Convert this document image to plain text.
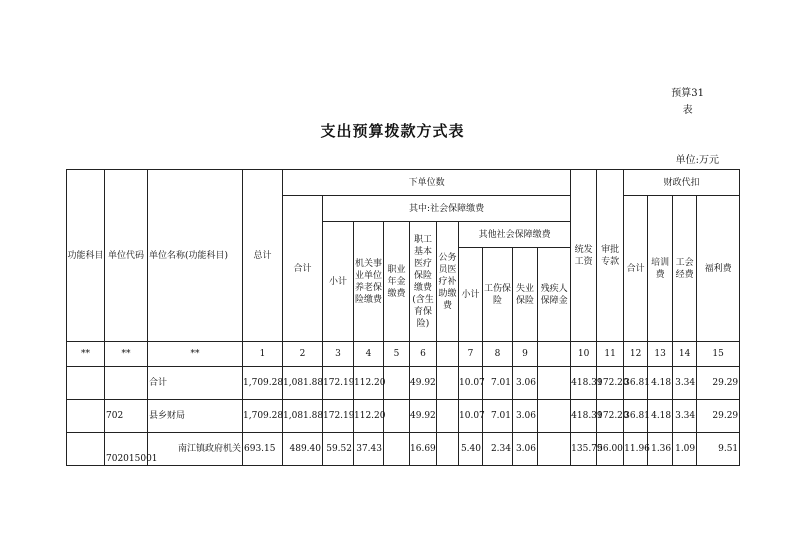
预算31
表
支出预算拨款方式表
单位:万元
功能科目	单位代码	单位名称(功能科目)	总计	下单位数										统发工资	审批专款	财政代扣			
				合计	其中:社会保障缴费											合计	培训费	工会经费	福利费
					小计	机关事业单位养老保险缴费	职业年金缴费	职工基本医疗保险缴费(含生育保险)	公务员医疗补助缴费	其他社会保障缴费									
										小计	工伤保险	失业保险	残疾人保障金						
**	**	**	1	2	3	4	5	6		7	8	9		10	11	12	13	14	15
		合计	1,709.28	1,081.88	172.19	112.20		49.92		10.07	7.01	3.06		418.39	172.20	36.81	4.18	3.34	29.29
	702	县乡财局	1,709.28	1,081.88	172.19	112.20		49.92		10.07	7.01	3.06		418.39	172.20	36.81	4.18	3.34	29.29
	702015001	南江镇政府机关	693.15	489.40	59.52	37.43		16.69		5.40	2.34	3.06		135.79	56.00	11.96	1.36	1.09	9.51
